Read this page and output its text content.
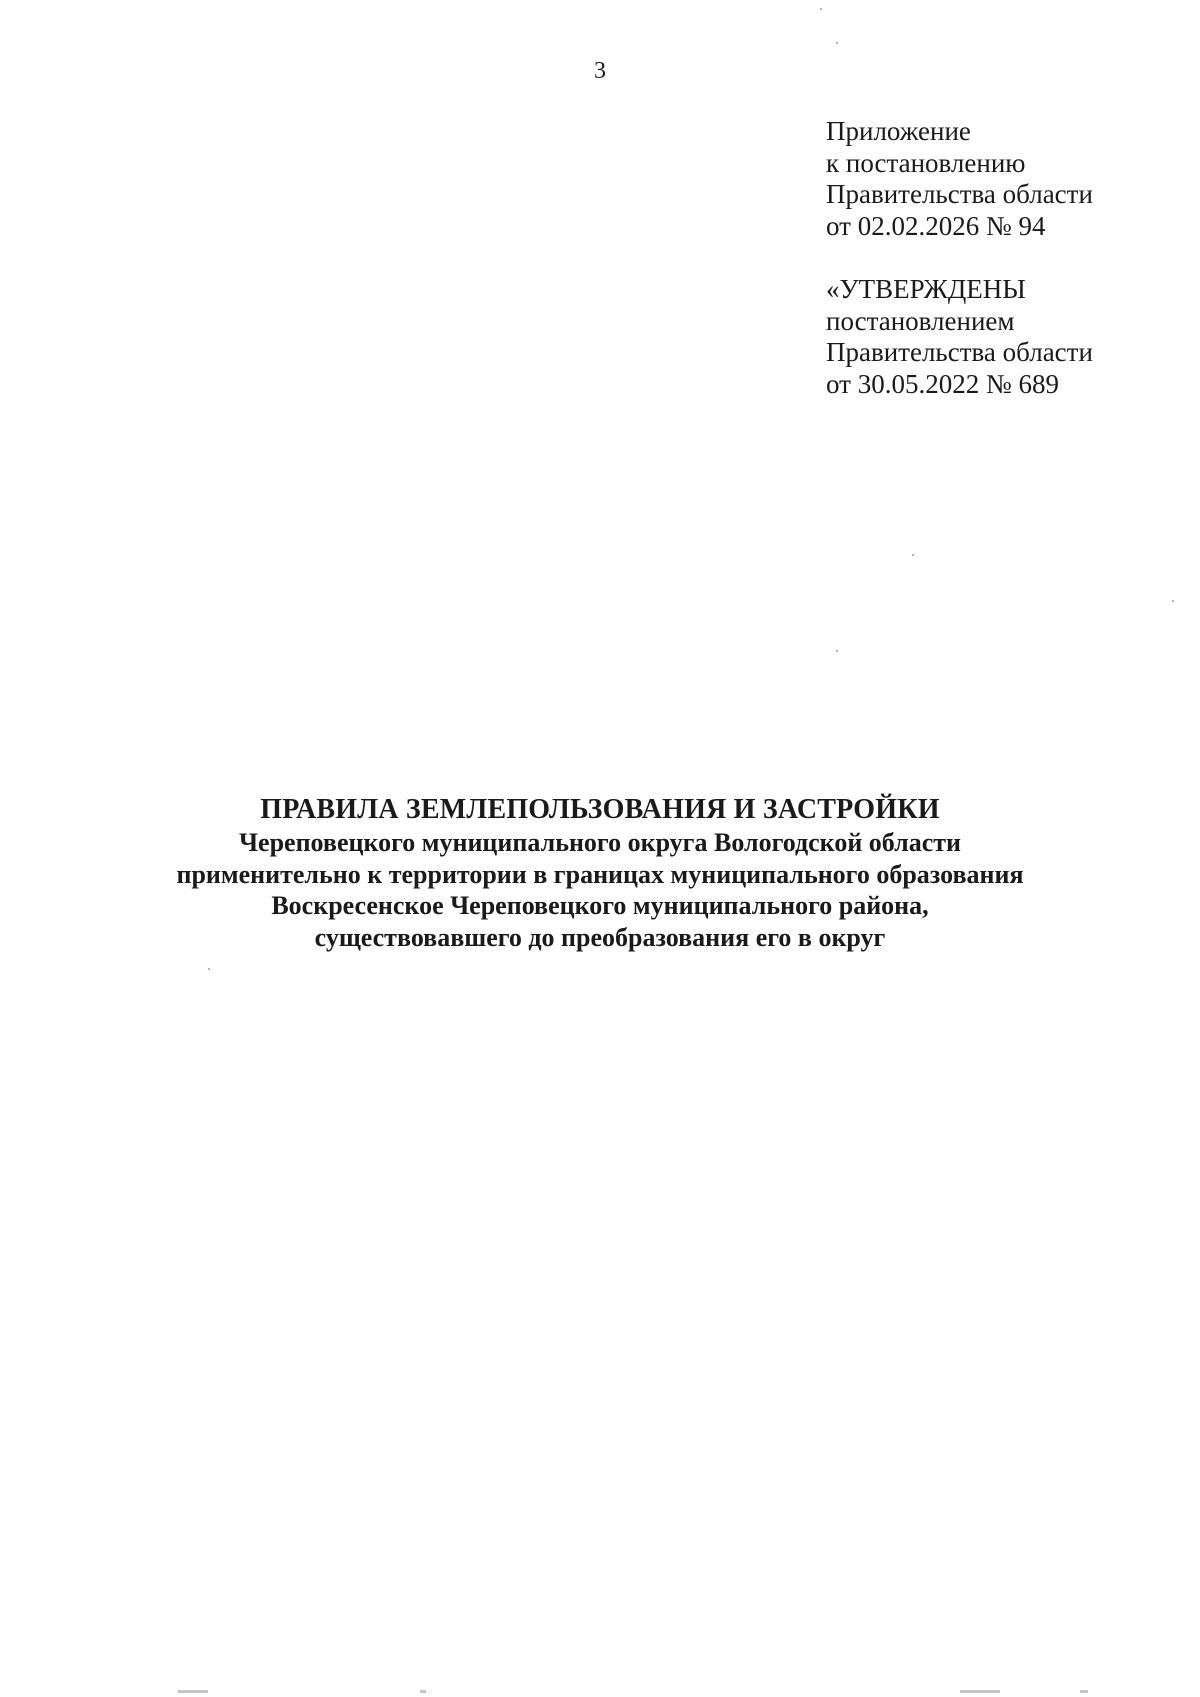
3
Приложение
к постановлению
Правительства области
от 02.02.2026 № 94
«УТВЕРЖДЕНЫ
постановлением
Правительства области
от 30.05.2022 № 689
ПРАВИЛА ЗЕМЛЕПОЛЬЗОВАНИЯ И ЗАСТРОЙКИ
Череповецкого муниципального округа Вологодской области
применительно к территории в границах муниципального образования
Воскресенское Череповецкого муниципального района,
существовавшего до преобразования его в округ
